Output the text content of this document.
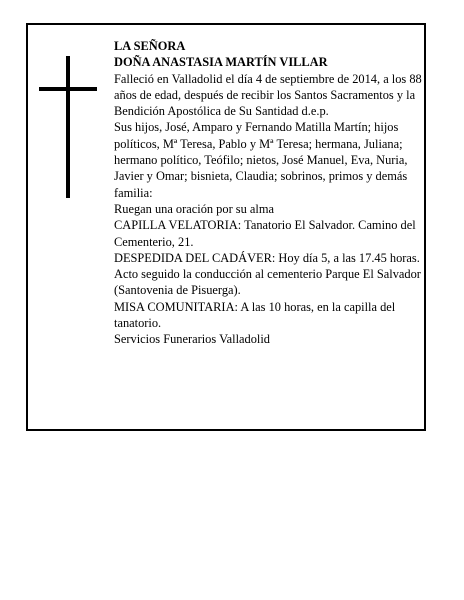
LA SEÑORA

DOÑA ANASTASIA MARTÍN VILLAR

Falleció en Valladolid el día 4 de septiembre de 2014, a los 88 años de edad, después de recibir los Santos Sacramentos y la Bendición Apostólica de Su Santidad d.e.p.

Sus hijos, José, Amparo y Fernando Matilla Martín; hijos políticos, Mª Teresa, Pablo y Mª Teresa; hermana, Juliana; hermano político, Teófilo; nietos, José Manuel, Eva, Nuria, Javier y Omar; bisnieta, Claudia; sobrinos, primos y demás familia:

Ruegan una oración por su alma

CAPILLA VELATORIA: Tanatorio El Salvador. Camino del Cementerio, 21.

DESPEDIDA DEL CADÁVER: Hoy día 5, a las 17.45 horas. Acto seguido la conducción al cementerio Parque El Salvador (Santovenia de Pisuerga).

MISA COMUNITARIA: A las 10 horas, en la capilla del tanatorio.

Servicios Funerarios Valladolid
